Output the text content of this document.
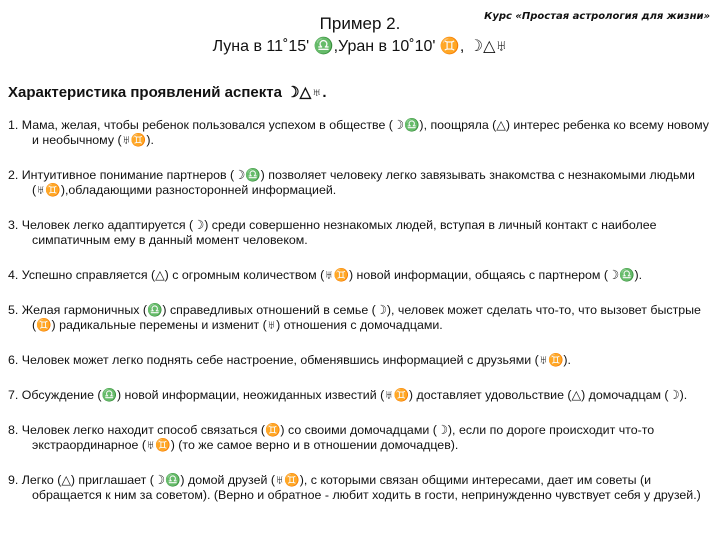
Курс «Простая астрология для жизни»
Пример 2.
Луна в 11˚15' ♎,Уран в 10˚10' ♊, ☽△♅
Характеристика проявлений аспекта ☽△♅.
1. Мама, желая, чтобы ребенок пользовался успехом в обществе (☽♎), поощряла (△) интерес ребенка ко всему новому и необычному (♅♊).
2. Интуитивное понимание партнеров (☽♎) позволяет человеку легко завязывать знакомства с незнакомыми людьми (♅♊),обладающими разносторонней информацией.
3. Человек легко адаптируется (☽) среди совершенно незнакомых людей, вступая в личный контакт с наиболее симпатичным ему в данный момент человеком.
4. Успешно справляется (△) с огромным количеством (♅♊) новой информации, общаясь с партнером (☽♎).
5. Желая гармоничных (♎) справедливых отношений в семье (☽), человек может сделать что-то, что вызовет быстрые (♊) радикальные перемены и изменит (♅) отношения с домочадцами.
6. Человек может легко поднять себе настроение, обменявшись информацией с друзьями (♅♊).
7. Обсуждение (♎) новой информации, неожиданных известий (♅♊) доставляет удовольствие (△) домочадцам (☽).
8. Человек легко находит способ связаться (♊) со своими домочадцами (☽), если по дороге происходит что-то экстраординарное (♅♊) (то же самое верно и в отношении домочадцев).
9. Легко (△) приглашает (☽♎) домой друзей (♅♊), с которыми связан общими интересами, дает им советы (и обращается к ним за советом). (Верно и обратное - любит ходить в гости, непринужденно чувствует себя у друзей.)
